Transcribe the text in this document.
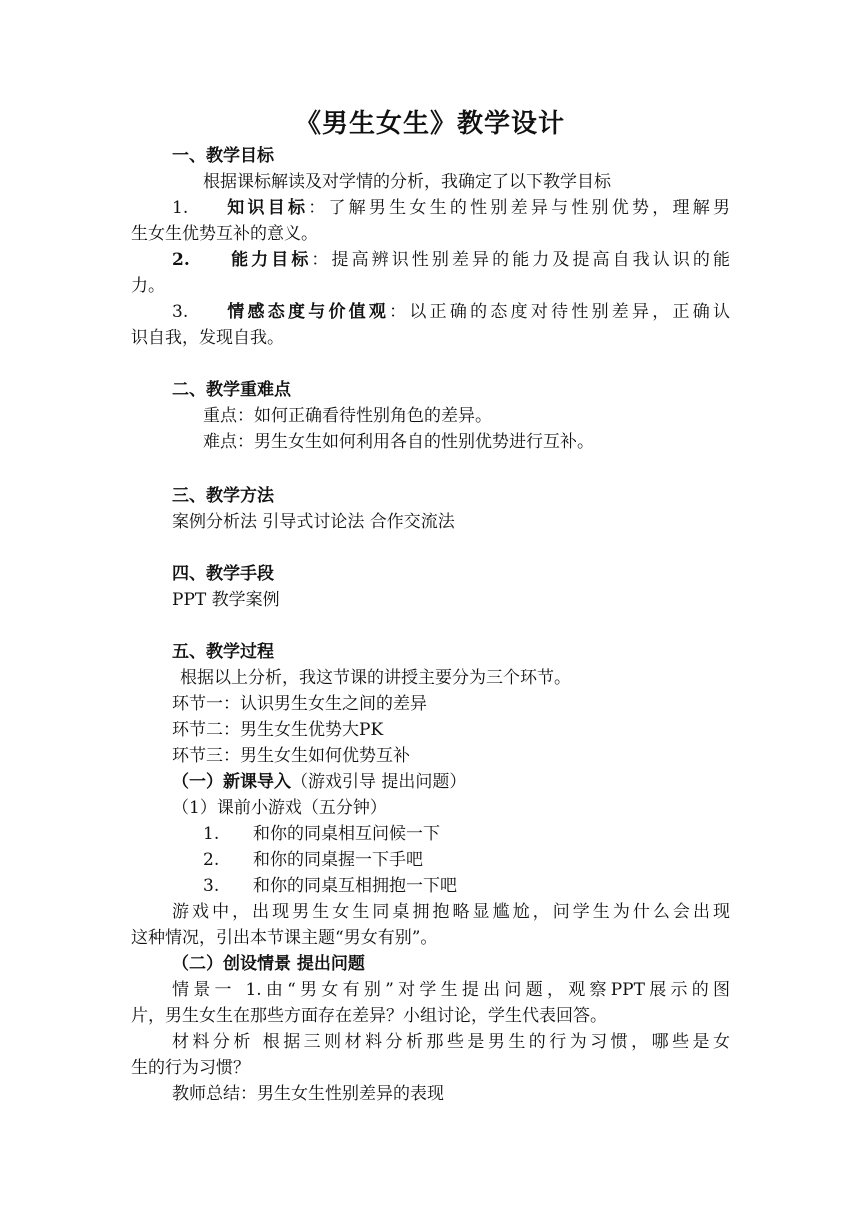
《男生女生》教学设计
一、教学目标
根据课标解读及对学情的分析，我确定了以下教学目标
1. 知识目标：了解男生女生的性别差异与性别优势，理解男
生女生优势互补的意义。
2. 能力目标：提高辨识性别差异的能力及提高自我认识的能
力。
3. 情感态度与价值观：以正确的态度对待性别差异，正确认
识自我，发现自我。
二、教学重难点
重点：如何正确看待性别角色的差异。
难点：男生女生如何利用各自的性别优势进行互补。
三、教学方法
案例分析法 引导式讨论法 合作交流法
四、教学手段
PPT 教学案例
五、教学过程
根据以上分析，我这节课的讲授主要分为三个环节。
环节一：认识男生女生之间的差异
环节二：男生女生优势大PK
环节三：男生女生如何优势互补
（一）新课导入（游戏引导 提出问题）
（1）课前小游戏（五分钟）
1. 和你的同桌相互问候一下
2. 和你的同桌握一下手吧
3. 和你的同桌互相拥抱一下吧
游戏中，出现男生女生同桌拥抱略显尴尬，问学生为什么会出现
这种情况，引出本节课主题“男女有别”。
（二）创设情景 提出问题
情景一 1.由“男女有别”对学生提出问题，观察PPT展示的图
片，男生女生在那些方面存在差异？小组讨论，学生代表回答。
材料分析 根据三则材料分析那些是男生的行为习惯，哪些是女
生的行为习惯？
教师总结：男生女生性别差异的表现
